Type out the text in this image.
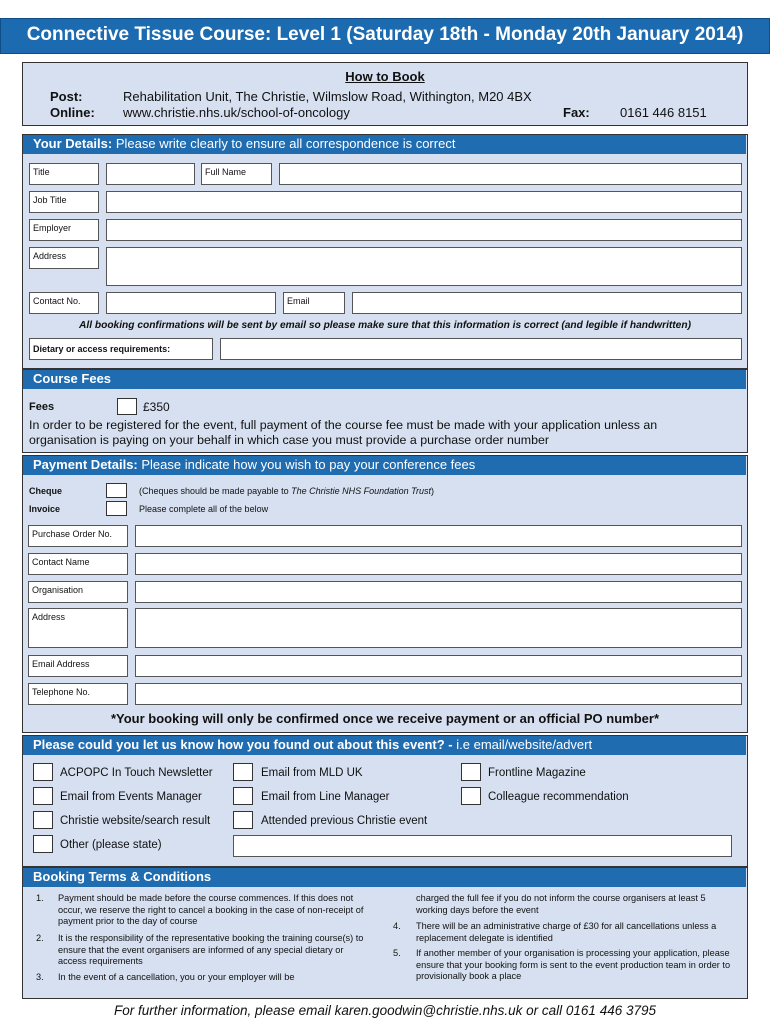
Connective Tissue Course: Level 1 (Saturday 18th - Monday 20th January 2014)
How to Book
Post:	Rehabilitation Unit, The Christie, Wilmslow Road, Withington, M20 4BX
Online: www.christie.nhs.uk/school-of-oncology	Fax: 0161 446 8151
Your Details: Please write clearly to ensure all correspondence is correct
Title	Full Name
Job Title
Employer
Address
Contact No.	Email
All booking confirmations will be sent by email so please make sure that this information is correct (and legible if handwritten)
Dietary or access requirements:
Course Fees
Fees	£350
In order to be registered for the event, full payment of the course fee must be made with your application unless an
organisation is paying on your behalf in which case you must provide a purchase order number
Payment Details: Please indicate how you wish to pay your conference fees
Cheque	(Cheques should be made payable to The Christie NHS Foundation Trust)
Invoice	Please complete all of the below
Purchase Order No.
Contact Name
Organisation
Address
Email Address
Telephone No.
*Your booking will only be confirmed once we receive payment or an official PO number*
Please could you let us know how you found out about this event? - i.e email/website/advert
ACPOPC In Touch Newsletter	Email from MLD UK	Frontline Magazine
Email from Events Manager	Email from Line Manager	Colleague recommendation
Christie website/search result	Attended previous Christie event
Other (please state)
Booking Terms & Conditions
1. Payment should be made before the course commences. If this does not occur, we reserve the right to cancel a booking in the case of non-receipt of payment prior to the day of course
2. It is the responsibility of the representative booking the training course(s) to ensure that the event organisers are informed of any special dietary or access requirements
3. In the event of a cancellation, you or your employer will be
charged the full fee if you do not inform the course organisers at least 5 working days before the event
4. There will be an administrative charge of £30 for all cancellations unless a replacement delegate is identified
5. If another member of your organisation is processing your application, please ensure that your booking form is sent to the event production team in order to provisionally book a place
For further information, please email karen.goodwin@christie.nhs.uk or call 0161 446 3795
